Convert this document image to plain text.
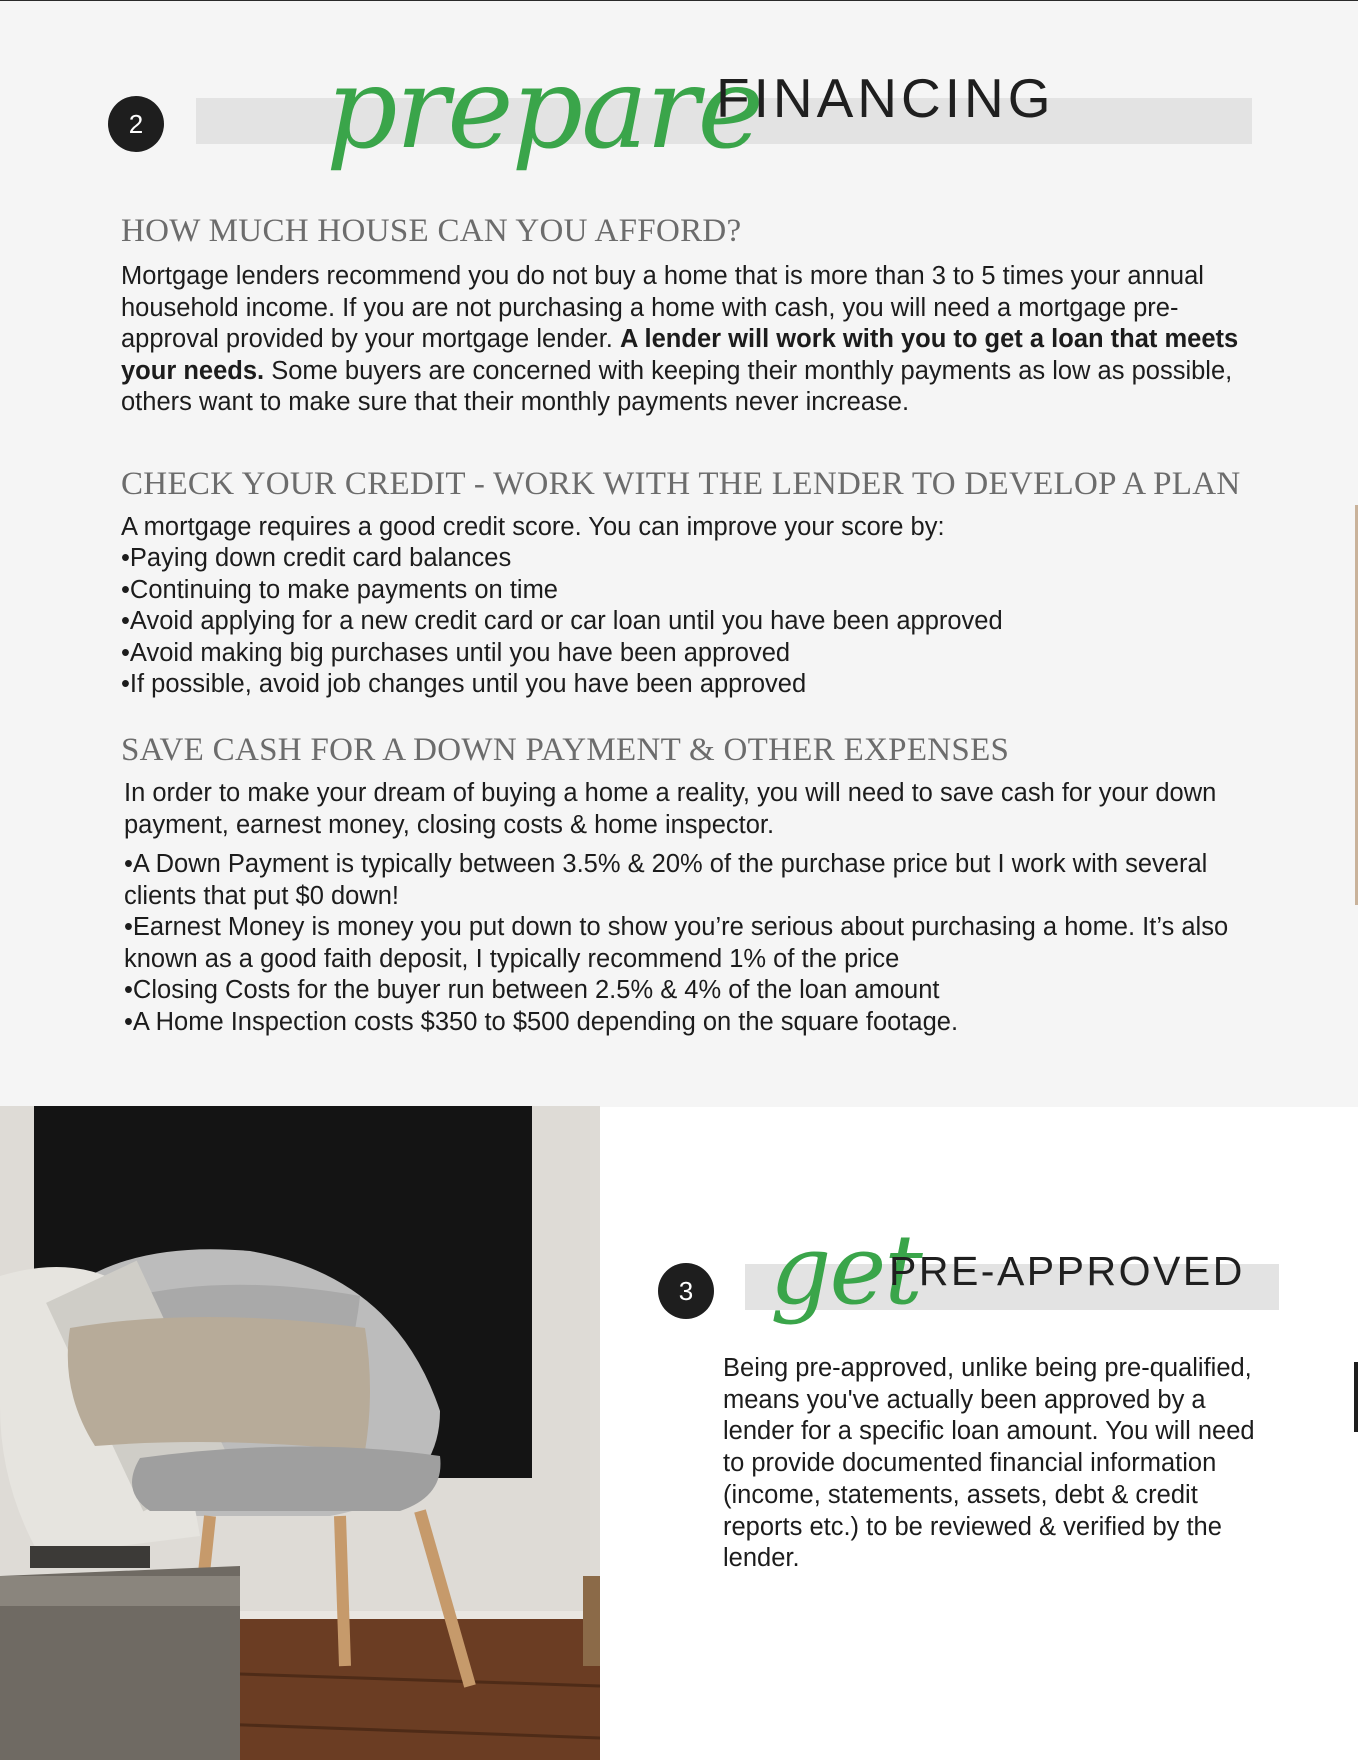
2 prepare
FINANCING
HOW MUCH HOUSE CAN YOU AFFORD?

Mortgage lenders recommend you do not buy a home that is more than 3 to 5 times your annual household income. If you are not purchasing a home with cash, you will need a mortgage pre-approval provided by your mortgage lender. A lender will work with you to get a loan that meets your needs. Some buyers are concerned with keeping their monthly payments as low as possible, others want to make sure that their monthly payments never increase.

CHECK YOUR CREDIT - WORK WITH THE LENDER TO DEVELOP A PLAN

A mortgage requires a good credit score. You can improve your score by:

•Paying down credit card balances
•Continuing to make payments on time
•Avoid applying for a new credit card or car loan until you have been approved
•Avoid making big purchases until you have been approved
•If possible, avoid job changes until you have been approved
SAVE CASH FOR A DOWN PAYMENT & OTHER EXPENSES

In order to make your dream of buying a home a reality, you will need to save cash for your down payment, earnest money, closing costs & home inspector.

•A Down Payment is typically between 3.5% & 20% of the purchase price but I work with several clients that put $0 down!
•Earnest Money is money you put down to show you’re serious about purchasing a home. It’s also known as a good faith deposit, I typically recommend 1% of the price
•Closing Costs for the buyer run between 2.5% & 4% of the loan amount
•A Home Inspection costs $350 to $500 depending on the square footage.
3 get
PRE-APPROVED

Being pre-approved, unlike being pre-qualified, means you've actually been approved by a lender for a specific loan amount. You will need to provide documented financial information (income, statements, assets, debt & credit reports etc.) to be reviewed & verified by the lender.
